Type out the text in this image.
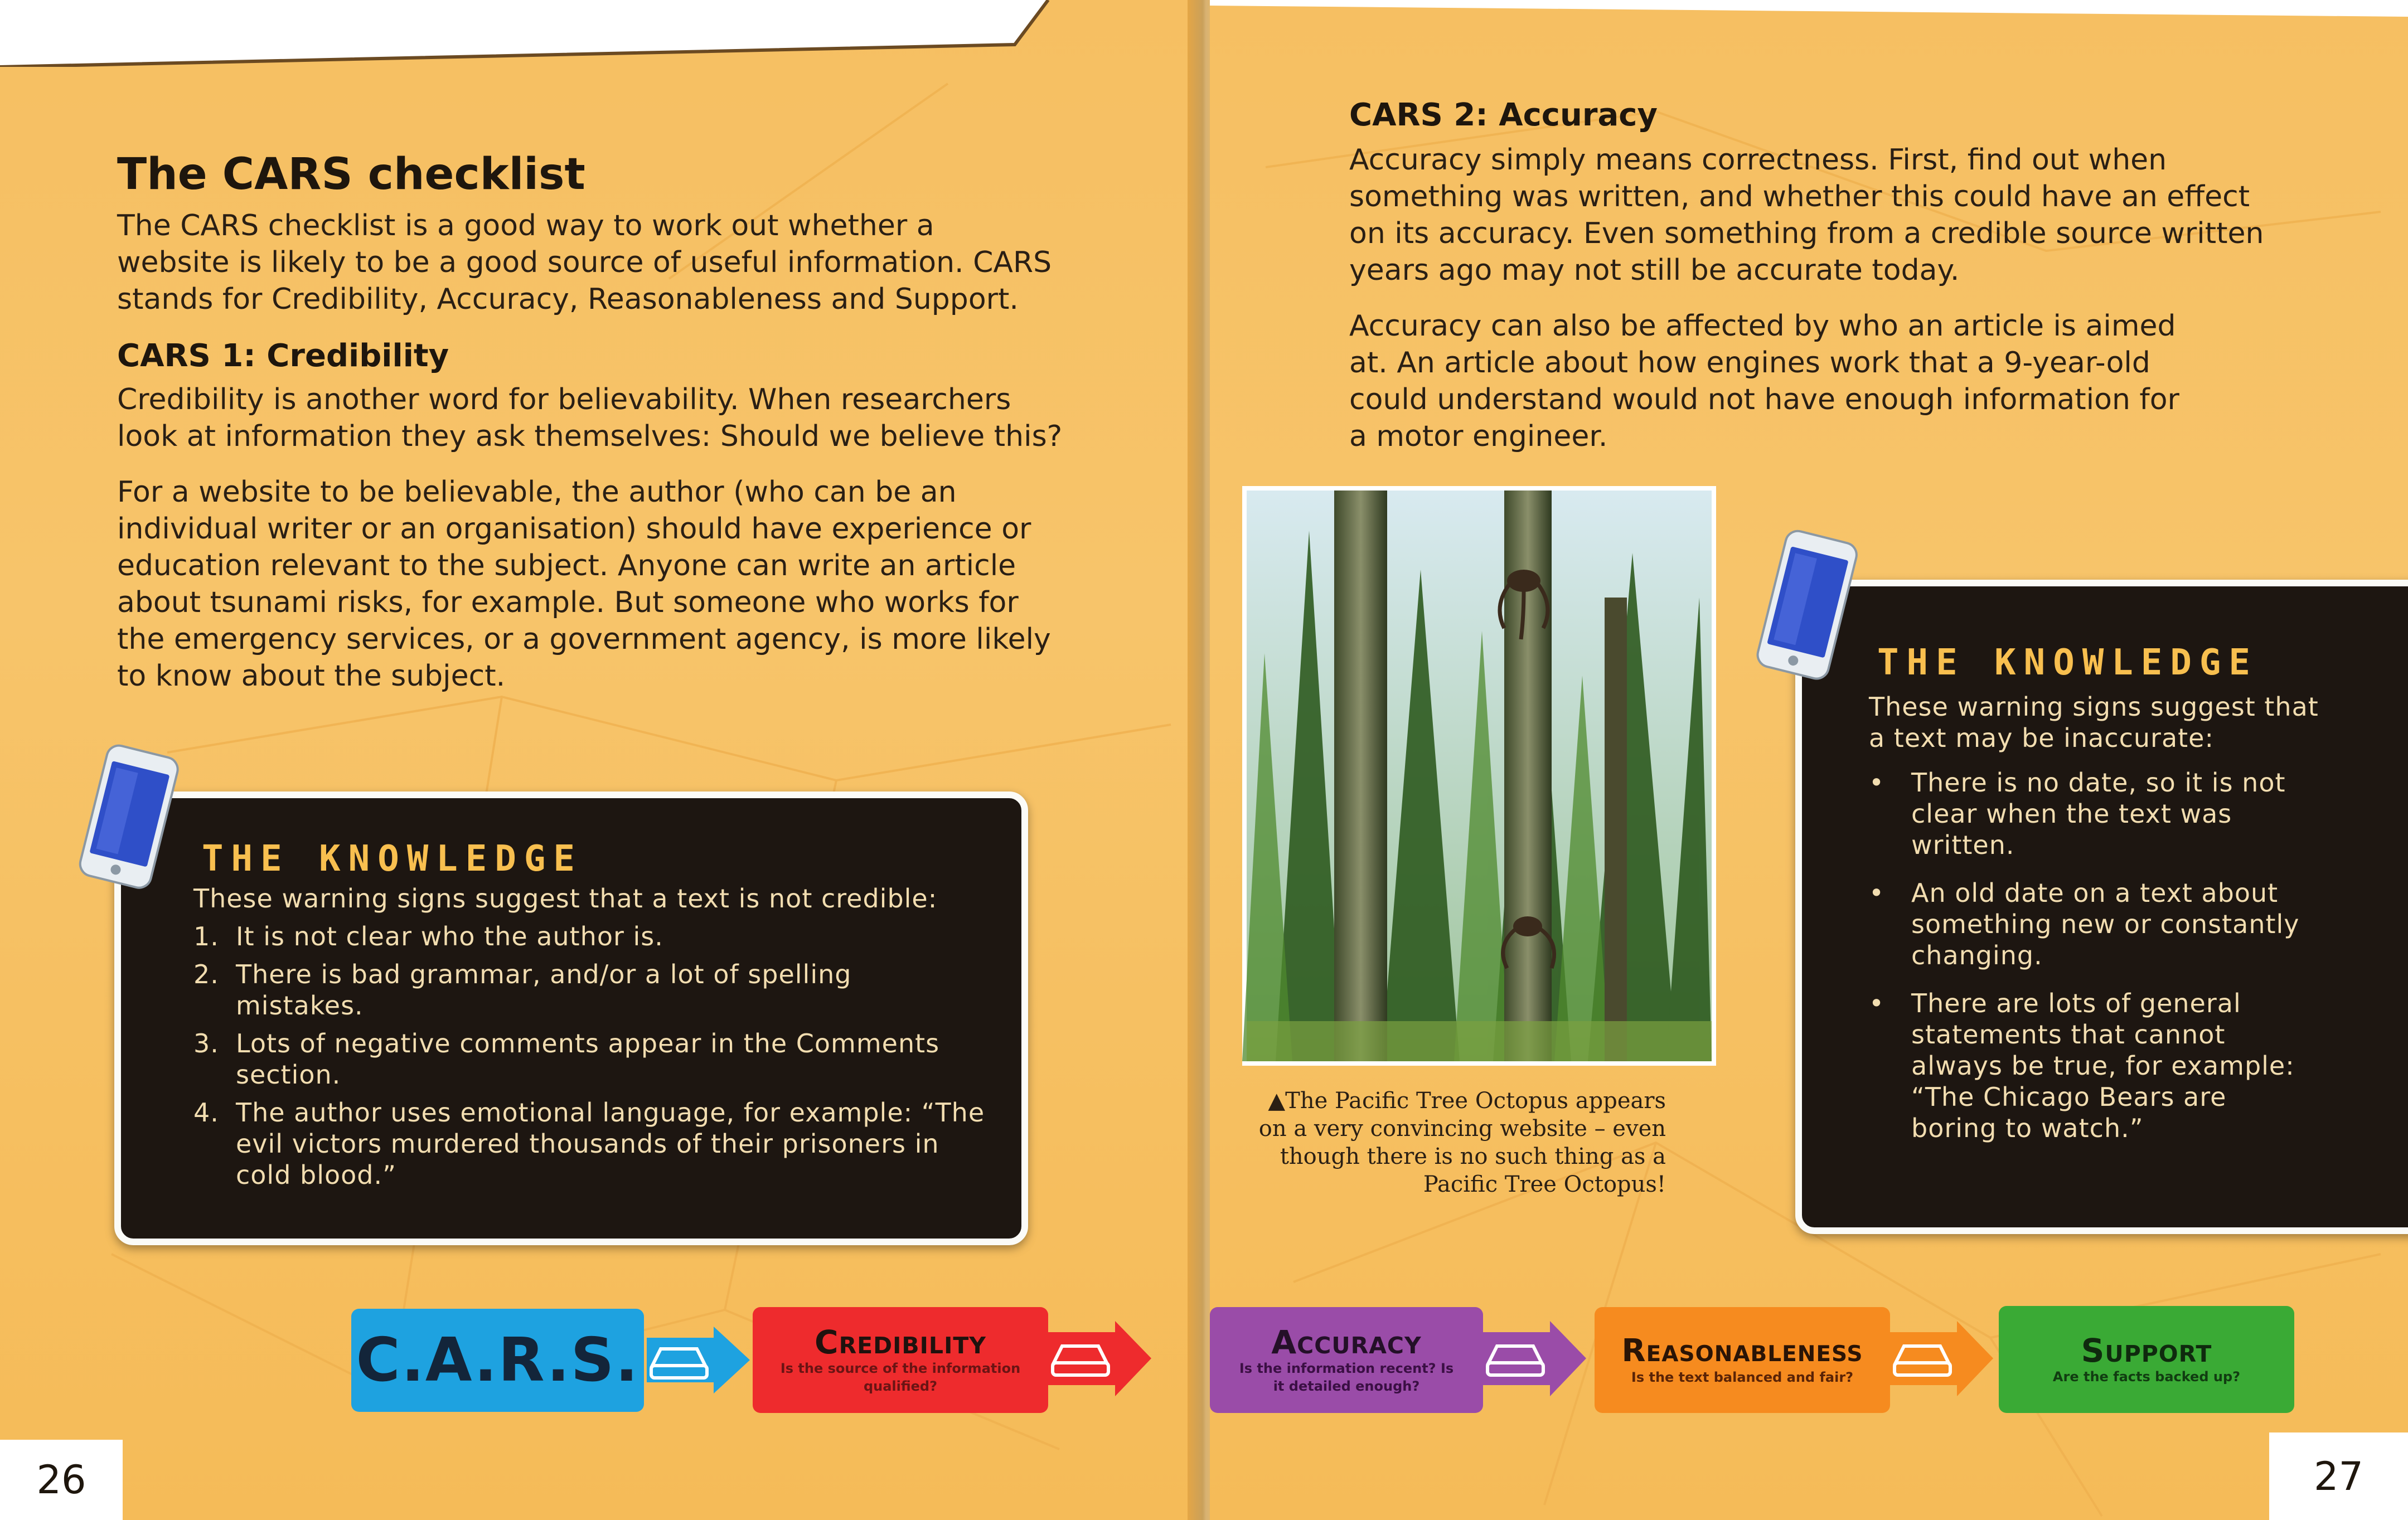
The CARS checklist

The CARS checklist is a good way to work out whether a website is likely to be a good source of useful information. CARS stands for Credibility, Accuracy, Reasonableness and Support.

CARS 1: Credibility

Credibility is another word for believability. When researchers look at information they ask themselves: Should we believe this?

For a website to be believable, the author (who can be an individual writer or an organisation) should have experience or education relevant to the subject. Anyone can write an article about tsunami risks, for example. But someone who works for the emergency services, or a government agency, is more likely to know about the subject.

THE KNOWLEDGE

These warning signs suggest that a text is not credible:

1. It is not clear who the author is.
2. There is bad grammar, and/or a lot of spelling mistakes.
3. Lots of negative comments appear in the Comments section.
4. The author uses emotional language, for example: “The evil victors murdered thousands of their prisoners in cold blood.”
26
CARS 2: Accuracy

Accuracy simply means correctness. First, find out when something was written, and whether this could have an effect on its accuracy. Even something from a credible source written years ago may not still be accurate today.

Accuracy can also be affected by who an article is aimed at. An article about how engines work that a 9-year-old could understand would not have enough information for a motor engineer.

▲The Pacific Tree Octopus appears on a very convincing website – even though there is no such thing as a Pacific Tree Octopus!

THE KNOWLEDGE

These warning signs suggest that a text may be inaccurate:

• There is no date, so it is not clear when the text was written.
• An old date on a text about something new or constantly changing.
• There are lots of general statements that cannot always be true, for example: “The Chicago Bears are boring to watch.”
27
C.A.R.S.	Credibility
Is the source of the information qualified?
Accuracy
Is the information recent? Is it detailed enough?
Reasonableness
Is the text balanced and fair?
Support
Are the facts backed up?
